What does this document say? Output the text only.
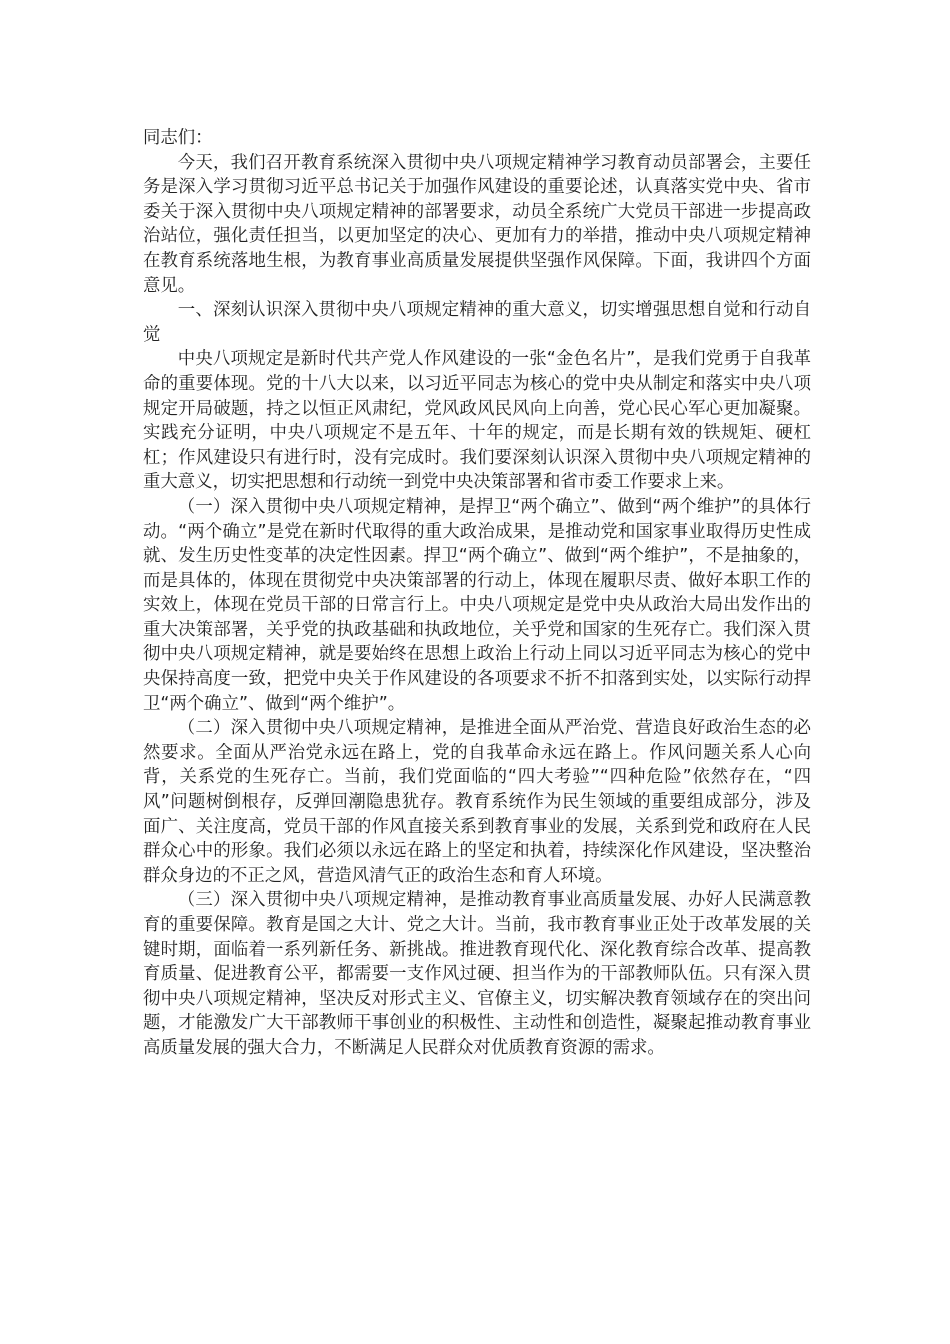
同志们：

今天，我们召开教育系统深入贯彻中央八项规定精神学习教育动员部署会，主要任务是深入学习贯彻习近平总书记关于加强作风建设的重要论述，认真落实党中央、省市委关于深入贯彻中央八项规定精神的部署要求，动员全系统广大党员干部进一步提高政治站位，强化责任担当，以更加坚定的决心、更加有力的举措，推动中央八项规定精神在教育系统落地生根，为教育事业高质量发展提供坚强作风保障。下面，我讲四个方面意见。

一、深刻认识深入贯彻中央八项规定精神的重大意义，切实增强思想自觉和行动自觉

中央八项规定是新时代共产党人作风建设的一张“金色名片”，是我们党勇于自我革命的重要体现。党的十八大以来，以习近平同志为核心的党中央从制定和落实中央八项规定开局破题，持之以恒正风肃纪，党风政风民风向上向善，党心民心军心更加凝聚。实践充分证明，中央八项规定不是五年、十年的规定，而是长期有效的铁规矩、硬杠杠；作风建设只有进行时，没有完成时。我们要深刻认识深入贯彻中央八项规定精神的重大意义，切实把思想和行动统一到党中央决策部署和省市委工作要求上来。

（一）深入贯彻中央八项规定精神，是捍卫“两个确立”、做到“两个维护”的具体行动。“两个确立”是党在新时代取得的重大政治成果，是推动党和国家事业取得历史性成就、发生历史性变革的决定性因素。捍卫“两个确立”、做到“两个维护”，不是抽象的，而是具体的，体现在贯彻党中央决策部署的行动上，体现在履职尽责、做好本职工作的实效上，体现在党员干部的日常言行上。中央八项规定是党中央从政治大局出发作出的重大决策部署，关乎党的执政基础和执政地位，关乎党和国家的生死存亡。我们深入贯彻中央八项规定精神，就是要始终在思想上政治上行动上同以习近平同志为核心的党中央保持高度一致，把党中央关于作风建设的各项要求不折不扣落到实处，以实际行动捍卫“两个确立”、做到“两个维护”。

（二）深入贯彻中央八项规定精神，是推进全面从严治党、营造良好政治生态的必然要求。全面从严治党永远在路上，党的自我革命永远在路上。作风问题关系人心向背，关系党的生死存亡。当前，我们党面临的“四大考验”“四种危险”依然存在，“四风”问题树倒根存，反弹回潮隐患犹存。教育系统作为民生领域的重要组成部分，涉及面广、关注度高，党员干部的作风直接关系到教育事业的发展，关系到党和政府在人民群众心中的形象。我们必须以永远在路上的坚定和执着，持续深化作风建设，坚决整治群众身边的不正之风，营造风清气正的政治生态和育人环境。

（三）深入贯彻中央八项规定精神，是推动教育事业高质量发展、办好人民满意教育的重要保障。教育是国之大计、党之大计。当前，我市教育事业正处于改革发展的关键时期，面临着一系列新任务、新挑战。推进教育现代化、深化教育综合改革、提高教育质量、促进教育公平，都需要一支作风过硬、担当作为的干部教师队伍。只有深入贯彻中央八项规定精神，坚决反对形式主义、官僚主义，切实解决教育领域存在的突出问题，才能激发广大干部教师干事创业的积极性、主动性和创造性，凝聚起推动教育事业高质量发展的强大合力，不断满足人民群众对优质教育资源的需求。
